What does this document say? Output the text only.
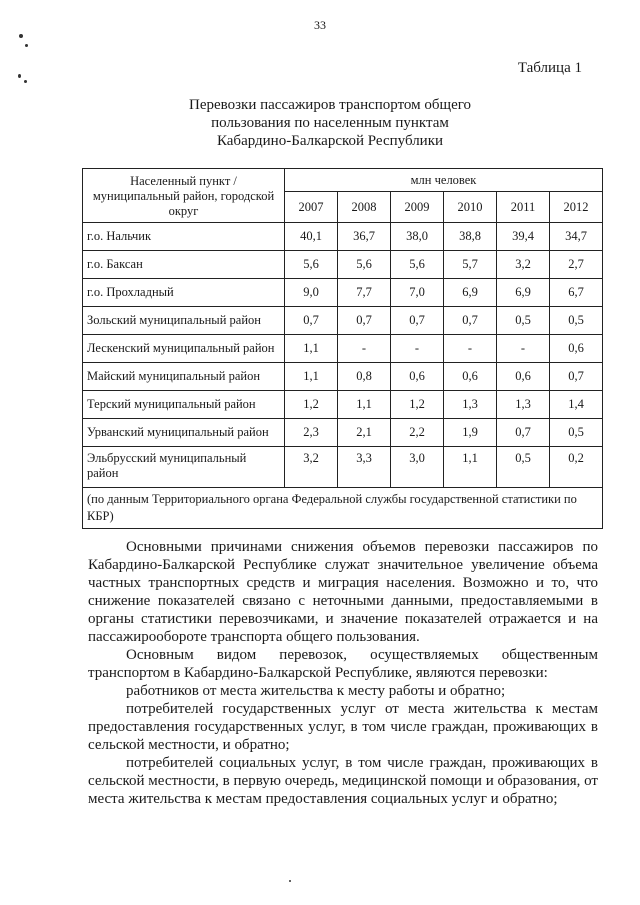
33
Таблица 1
Перевозки пассажиров транспортом общего
пользования по населенным пунктам
Кабардино-Балкарской Республики
Населенный пункт / муниципальный район, городской округ	млн человек					
	2007	2008	2009	2010	2011	2012
г.о. Нальчик	40,1	36,7	38,0	38,8	39,4	34,7
г.о. Баксан	5,6	5,6	5,6	5,7	3,2	2,7
г.о. Прохладный	9,0	7,7	7,0	6,9	6,9	6,7
Зольский муниципальный район	0,7	0,7	0,7	0,7	0,5	0,5
Лескенский муниципальный район	1,1	-	-	-	-	0,6
Майский муниципальный район	1,1	0,8	0,6	0,6	0,6	0,7
Терский муниципальный район	1,2	1,1	1,2	1,3	1,3	1,4
Урванский муниципальный район	2,3	2,1	2,2	1,9	0,7	0,5
Эльбрусский муниципальный район	3,2	3,3	3,0	1,1	0,5	0,2
(по данным Территориального органа Федеральной службы государственной статистики по КБР)						

Основными причинами снижения объемов перевозки пассажиров по Кабардино-Балкарской Республике служат значительное увеличение объема частных транспортных средств и миграция населения. Возможно и то, что снижение показателей связано с неточными данными, предоставляемыми в органы статистики перевозчиками, и значение показателей отражается и на пассажирообороте транспорта общего пользования.

Основным видом перевозок, осуществляемых общественным транспортом в Кабардино-Балкарской Республике, являются перевозки:

работников от места жительства к месту работы и обратно;

потребителей государственных услуг от места жительства к местам предоставления государственных услуг, в том числе граждан, проживающих в сельской местности, и обратно;

потребителей социальных услуг, в том числе граждан, проживающих в сельской местности, в первую очередь, медицинской помощи и образования, от места жительства к местам предоставления социальных услуг и обратно;
